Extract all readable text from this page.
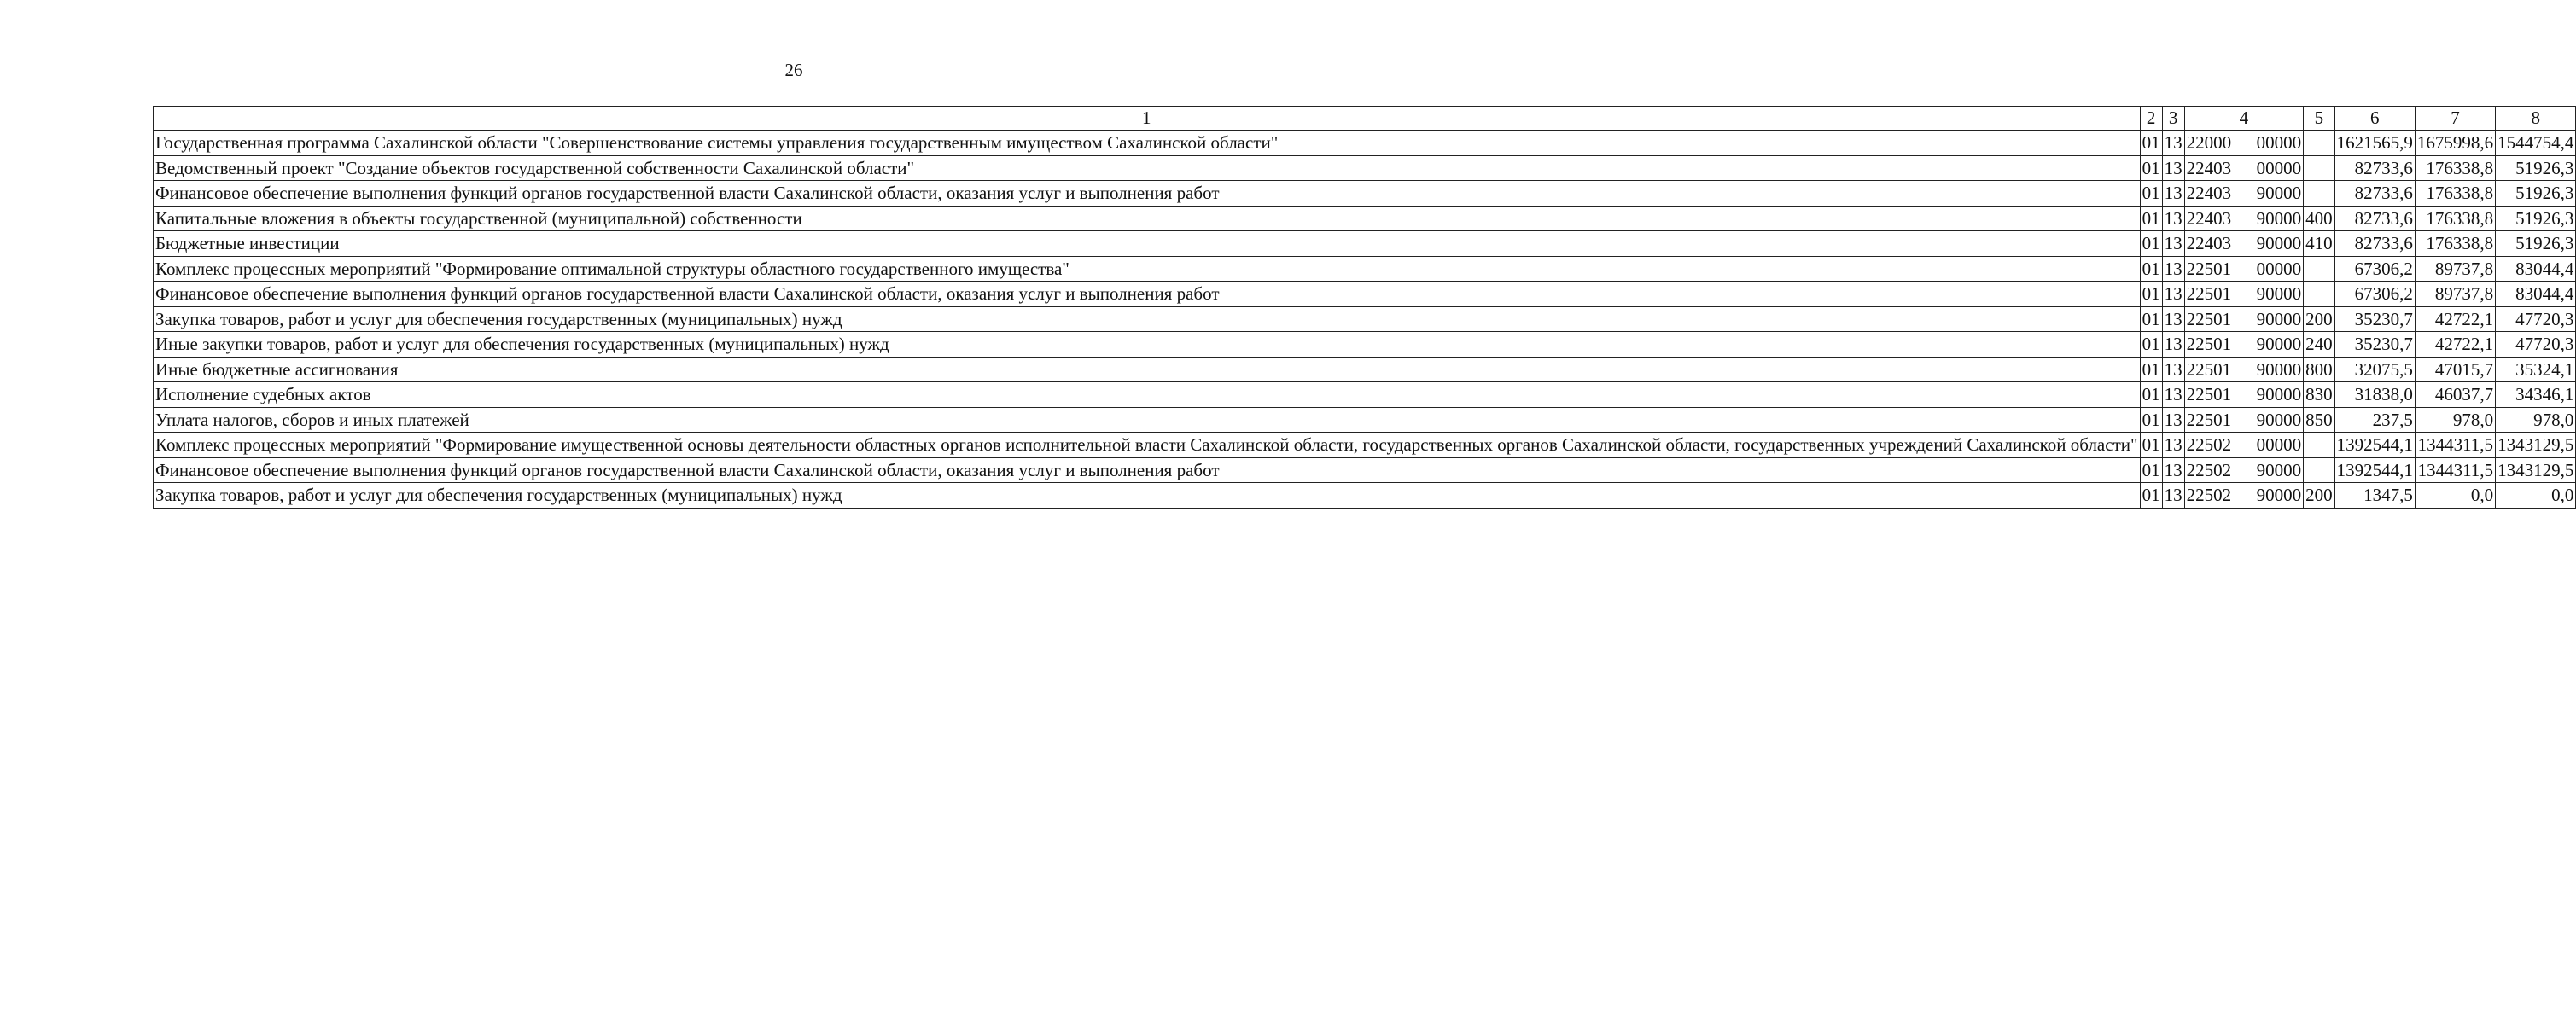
26
1	2	3	4	5	6	7	8
Государственная программа Сахалинской области "Совершенствование системы управления государственным имуществом Сахалинской области"	01	13	22000 00000		1621565,9	1675998,6	1544754,4
Ведомственный проект "Создание объектов государственной собственности Сахалинской области"	01	13	22403 00000		82733,6	176338,8	51926,3
Финансовое обеспечение выполнения функций органов государственной власти Сахалинской области, оказания услуг и выполнения работ	01	13	22403 90000		82733,6	176338,8	51926,3
Капитальные вложения в объекты государственной (муниципальной) собственности	01	13	22403 90000	400	82733,6	176338,8	51926,3
Бюджетные инвестиции	01	13	22403 90000	410	82733,6	176338,8	51926,3
Комплекс процессных мероприятий "Формирование оптимальной структуры областного государственного имущества"	01	13	22501 00000		67306,2	89737,8	83044,4
Финансовое обеспечение выполнения функций органов государственной власти Сахалинской области, оказания услуг и выполнения работ	01	13	22501 90000		67306,2	89737,8	83044,4
Закупка товаров, работ и услуг для обеспечения государственных (муниципальных) нужд	01	13	22501 90000	200	35230,7	42722,1	47720,3
Иные закупки товаров, работ и услуг для обеспечения государственных (муниципальных) нужд	01	13	22501 90000	240	35230,7	42722,1	47720,3
Иные бюджетные ассигнования	01	13	22501 90000	800	32075,5	47015,7	35324,1
Исполнение судебных актов	01	13	22501 90000	830	31838,0	46037,7	34346,1
Уплата налогов, сборов и иных платежей	01	13	22501 90000	850	237,5	978,0	978,0
Комплекс процессных мероприятий "Формирование имущественной основы деятельности областных органов исполнительной власти Сахалинской области, государственных органов Сахалинской области, государственных учреждений Сахалинской области"	01	13	22502 00000		1392544,1	1344311,5	1343129,5
Финансовое обеспечение выполнения функций органов государственной власти Сахалинской области, оказания услуг и выполнения работ	01	13	22502 90000		1392544,1	1344311,5	1343129,5
Закупка товаров, работ и услуг для обеспечения государственных (муниципальных) нужд	01	13	22502 90000	200	1347,5	0,0	0,0
